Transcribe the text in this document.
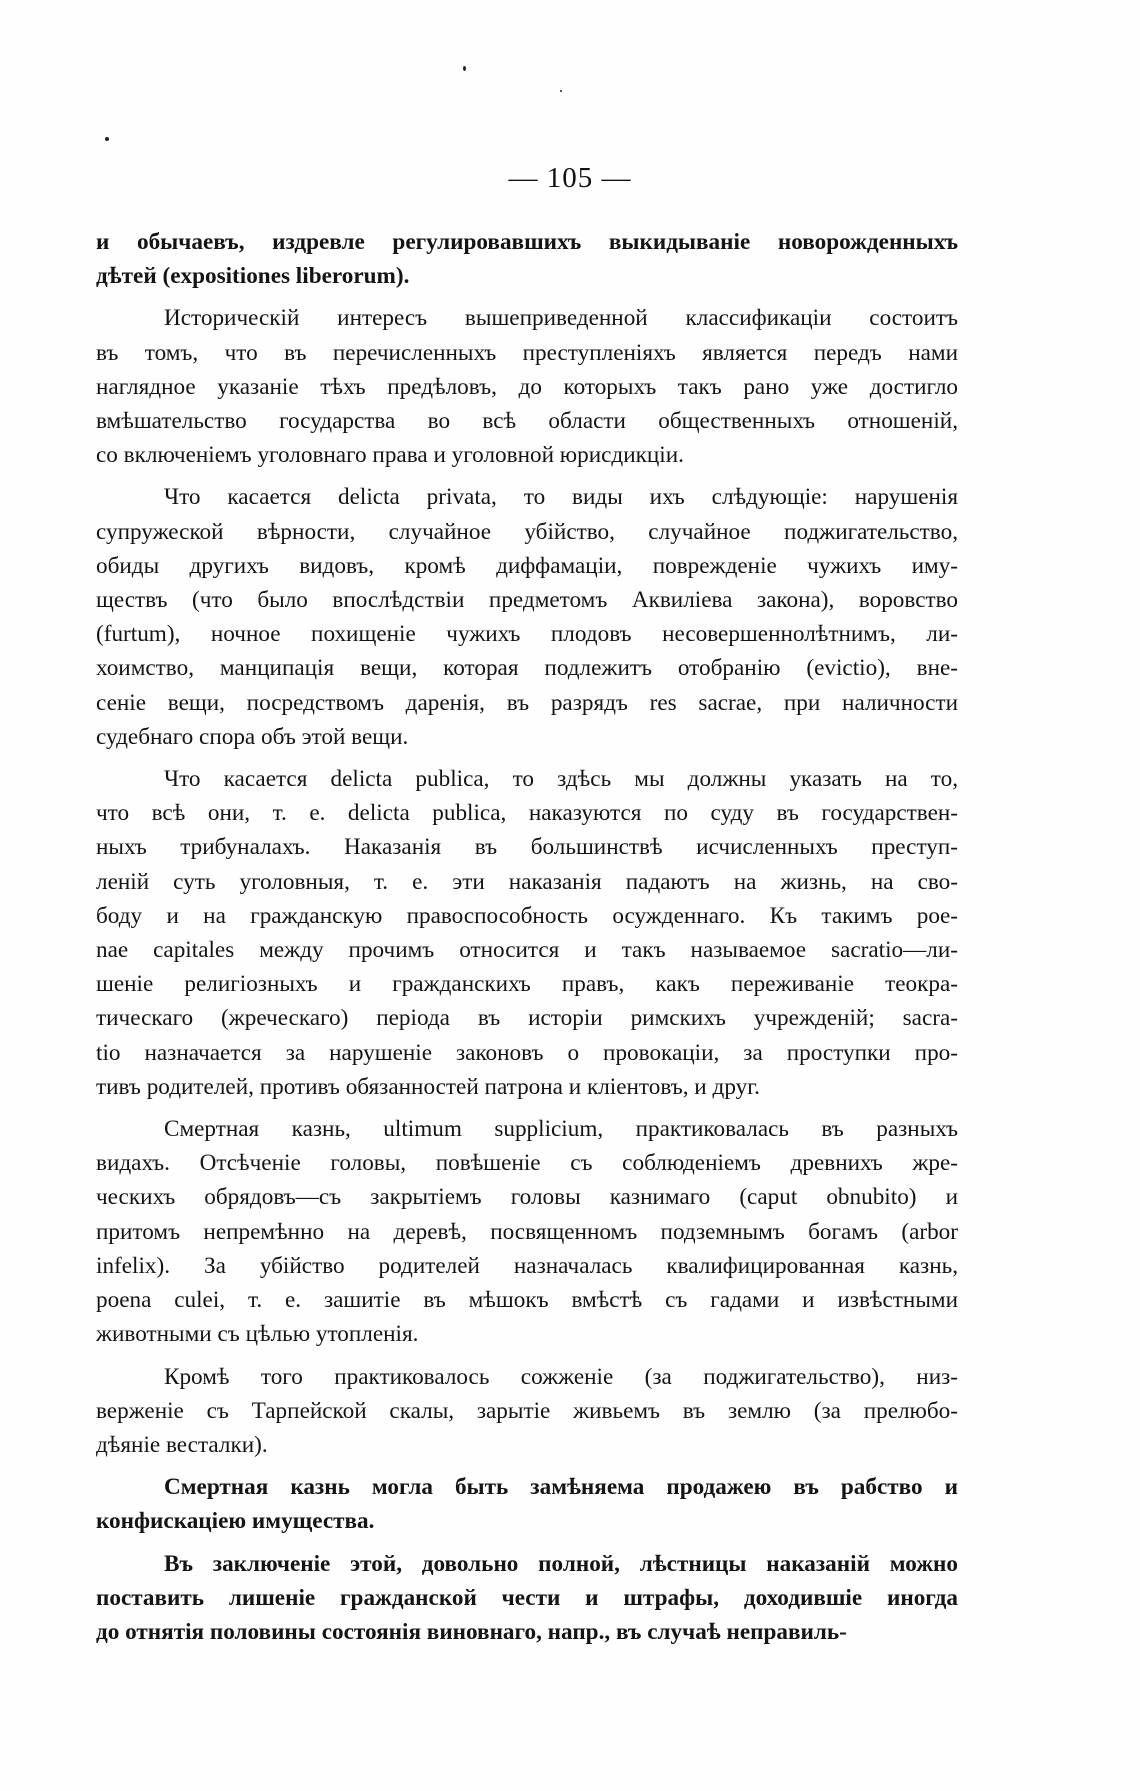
— 105 —

и обычаевъ, издревле регулировавшихъ выкидываніе новорожденныхъ
дѣтей (expositiones liberorum).

Историческій интересъ вышеприведенной классификаціи состоитъ
въ томъ, что въ перечисленныхъ преступленіяхъ является передъ нами
наглядное указаніе тѣхъ предѣловъ, до которыхъ такъ рано уже достигло
вмѣшательство государства во всѣ области общественныхъ отношеній,
со включеніемъ уголовнаго права и уголовной юрисдикціи.

Что касается delicta privata, то виды ихъ слѣдующіе: нарушенія
супружеской вѣрности, случайное убійство, случайное поджигательство,
обиды другихъ видовъ, кромѣ диффамаціи, поврежденіе чужихъ иму-
ществъ (что было впослѣдствіи предметомъ Аквиліева закона), воровство
(furtum), ночное похищеніе чужихъ плодовъ несовершеннолѣтнимъ, ли-
хоимство, манципація вещи, которая подлежитъ отобранію (evictio), вне-
сеніе вещи, посредствомъ даренія, въ разрядъ res sacrae, при наличности
судебнаго спора объ этой вещи.

Что касается delicta publica, то здѣсь мы должны указать на то,
что всѣ они, т. е. delicta publica, наказуются по суду въ государствен-
ныхъ трибуналахъ. Наказанія въ большинствѣ исчисленныхъ преступ-
леній суть уголовныя, т. е. эти наказанія падаютъ на жизнь, на сво-
боду и на гражданскую правоспособность осужденнаго. Къ такимъ poe-
nae capitales между прочимъ относится и такъ называемое sacratio—ли-
шеніе религіозныхъ и гражданскихъ правъ, какъ переживаніе теокра-
тическаго (жреческаго) періода въ исторіи римскихъ учрежденій; sacra-
tio назначается за нарушеніе законовъ о провокаціи, за проступки про-
тивъ родителей, противъ обязанностей патрона и кліентовъ, и друг.

Смертная казнь, ultimum supplicium, практиковалась въ разныхъ
видахъ. Отсѣченіе головы, повѣшеніе съ соблюденіемъ древнихъ жре-
ческихъ обрядовъ—съ закрытіемъ головы казнимаго (caput obnubito) и
притомъ непремѣнно на деревѣ, посвященномъ подземнымъ богамъ (arbor
infelix). За убійство родителей назначалась квалифицированная казнь,
poena culei, т. е. зашитіе въ мѣшокъ вмѣстѣ съ гадами и извѣстными
животными съ цѣлью утопленія.

Кромѣ того практиковалось сожженіе (за поджигательство), низ-
верженіе съ Тарпейской скалы, зарытіе живьемъ въ землю (за прелюбо-
дѣяніе весталки).

Смертная казнь могла быть замѣняема продажею въ рабство и
конфискаціею имущества.

Въ заключеніе этой, довольно полной, лѣстницы наказаній можно
поставить лишеніе гражданской чести и штрафы, доходившіе иногда
до отнятія половины состоянія виновнаго, напр., въ случаѣ неправиль-
